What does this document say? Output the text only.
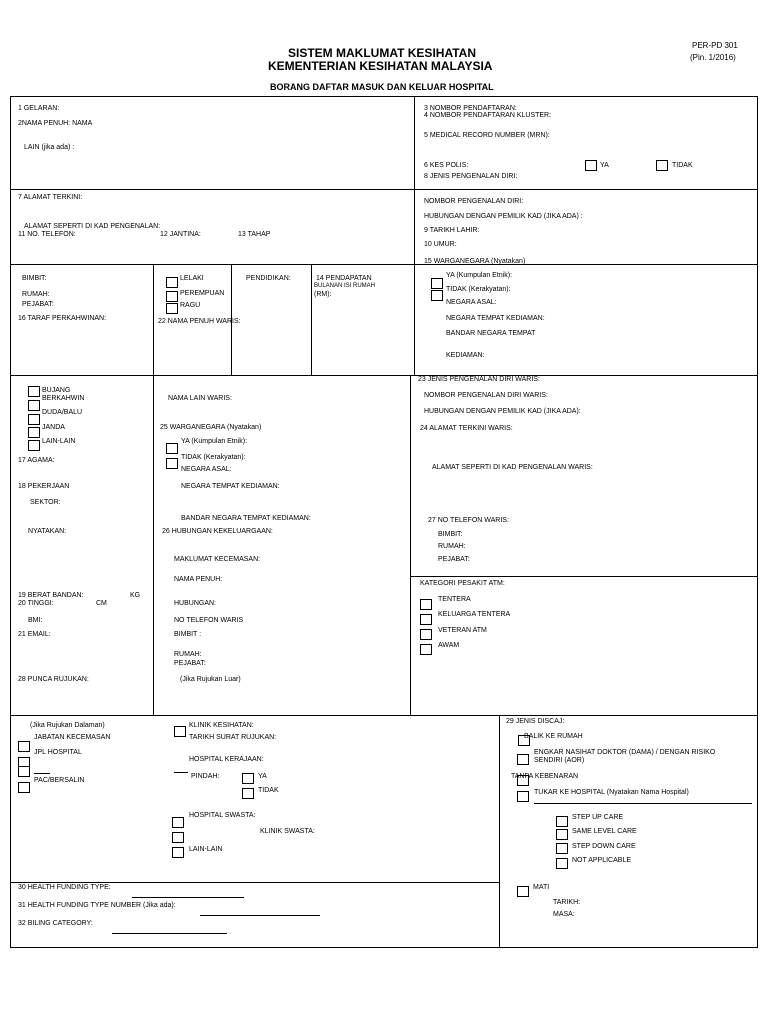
PER-PD 301
(Pin. 1/2016)
SISTEM MAKLUMAT KESIHATAN
KEMENTERIAN KESIHATAN MALAYSIA
BORANG DAFTAR MASUK DAN KELUAR HOSPITAL
1 GELARAN:
2NAMA PENUH: NAMA
LAIN (jika ada) :
3 NOMBOR PENDAFTARAN:
4 NOMBOR PENDAFTARAN KLUSTER:
5 MEDICAL RECORD NUMBER (MRN):
6 KES POLIS:	YA	TIDAK
8 JENIS PENGENALAN DIRI:
7 ALAMAT TERKINI:
ALAMAT SEPERTI DI KAD PENGENALAN:
11 NO. TELEFON:	12 JANTINA:	13 TAHAP
NOMBOR PENGENALAN DIRI:
HUBUNGAN DENGAN PEMILIK KAD (JIKA ADA) :
9 TARIKH LAHIR:
10 UMUR:
15 WARGANEGARA (Nyatakan)
BIMBIT:
RUMAH:
PEJABAT:
16 TARAF PERKAHWINAN:
LELAKI
PEREMPUAN
RAGU
22 NAMA PENUH WARIS:
PENDIDIKAN:	14 PENDAPATAN
BULANAN ISI RUMAH
(RM):
YA (Kumpulan Etnik):
TIDAK (Kerakyatan):
NEGARA ASAL:
NEGARA TEMPAT KEDIAMAN:
BANDAR NEGARA TEMPAT
KEDIAMAN:
BUJANG
BERKAHWIN
DUDA/BALU
JANDA
LAIN-LAIN
17 AGAMA:
18 PEKERJAAN
SEKTOR:
NYATAKAN:
19 BERAT BANDAN:	KG
20 TINGGI:	CM
BMI:
21 EMAIL:
28 PUNCA RUJUKAN:
NAMA LAIN WARIS:
25 WARGANEGARA (Nyatakan)
YA (Kumpulan Etnik):
TIDAK (Kerakyatan):
NEGARA ASAL:
NEGARA TEMPAT KEDIAMAN:
BANDAR NEGARA TEMPAT KEDIAMAN:
26 HUBUNGAN KEKELUARGAAN:
MAKLUMAT KECEMASAN:
NAMA PENUH:
HUBUNGAN:
NO TELEFON WARIS
BIMBIT :
RUMAH:
PEJABAT:
(Jika Rujukan Luar)
23 JENIS PENGENALAN DIRI WARIS:
NOMBOR PENGENALAN DIRI WARIS:
HUBUNGAN DENGAN PEMILIK KAD (JIKA ADA):
24 ALAMAT TERKINI WARIS:
ALAMAT SEPERTI DI KAD PENGENALAN WARIS:
27 NO TELEFON WARIS:
BIMBIT:
RUMAH:
PEJABAT:
KATEGORI PESAKIT ATM:
TENTERA
KELUARGA TENTERA
VETERAN ATM
AWAM
(Jika Rujukan Dalaman)
JABATAN KECEMASAN
JPL HOSPITAL
PAC/BERSALIN
KLINIK KESIHATAN:
TARIKH SURAT RUJUKAN:
HOSPITAL KERAJAAN:
PINDAH:	YA
TIDAK
HOSPITAL SWASTA:
KLINIK SWASTA:
LAIN-LAIN
29 JENIS DISCAJ:
BALIK KE RUMAH
ENGKAR NASIHAT DOKTOR (DAMA) / DENGAN RISIKO
SENDIRI (AOR)
TANPA KEBENARAN
TUKAR KE HOSPITAL (Nyatakan Nama Hospital)
STEP UP CARE
SAME LEVEL CARE
STEP DOWN CARE
NOT APPLICABLE
MATI
TARIKH:
MASA:
30 HEALTH FUNDING TYPE:
31 HEALTH FUNDING TYPE NUMBER (Jika ada):
32 BILING CATEGORY:
